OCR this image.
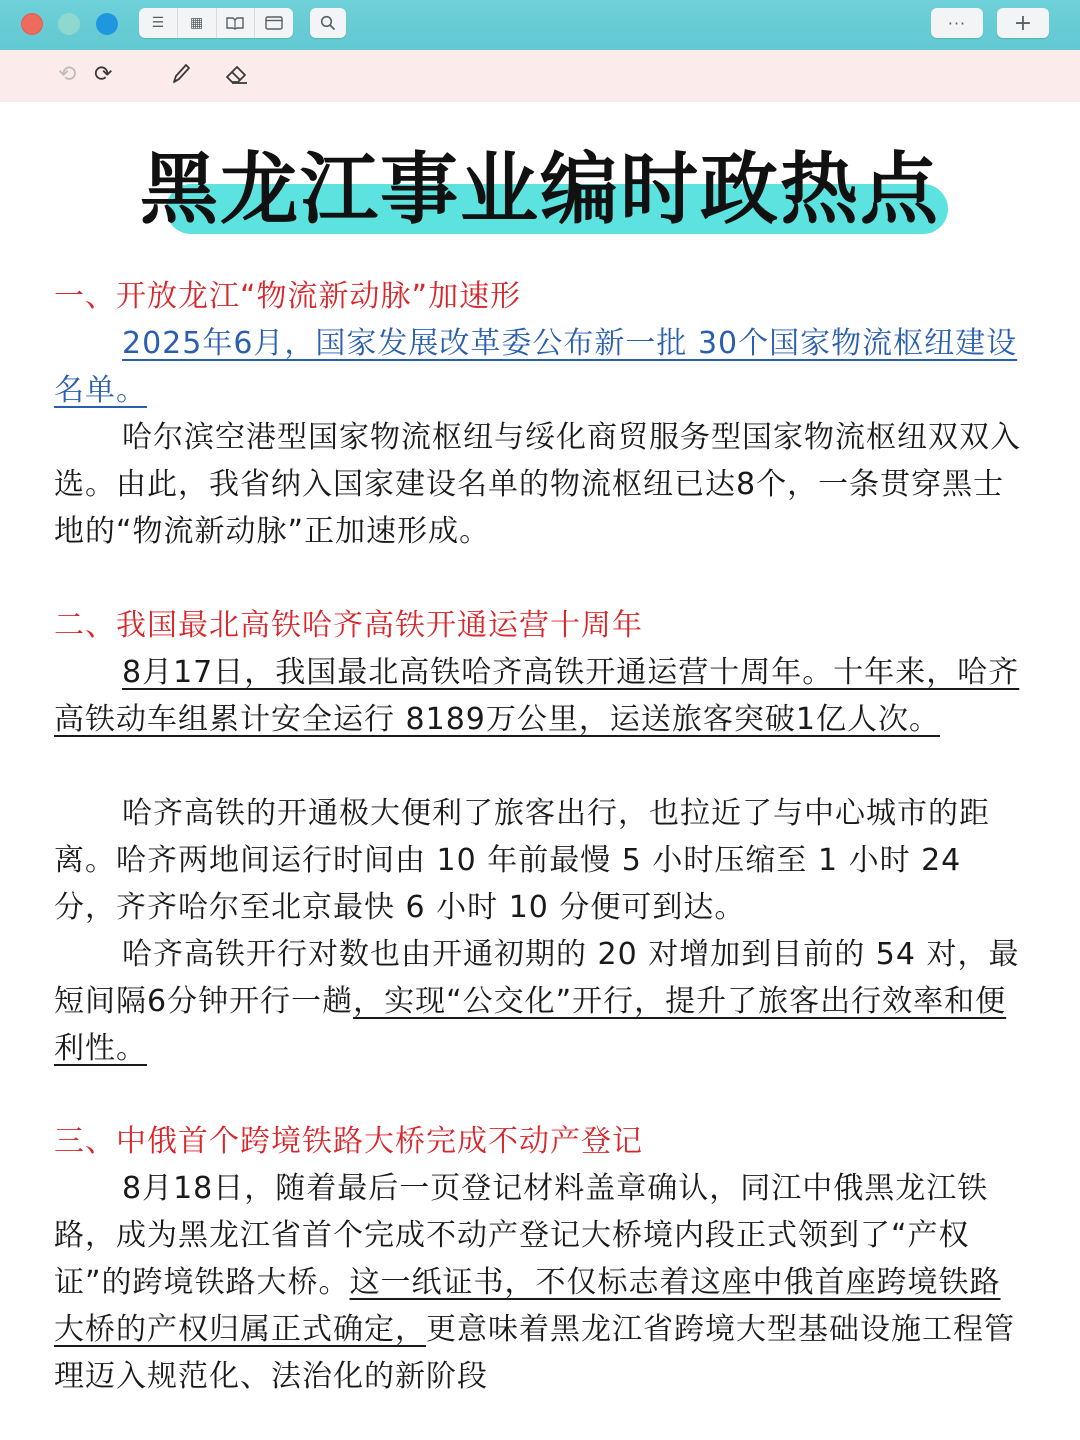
☰	▦	···	+
⟲ ⟳
黑龙江事业编时政热点

一、开放龙江“物流新动脉”加速形

2025年6月，国家发展改革委公布新一批 30个国家物流枢纽建设名单。

哈尔滨空港型国家物流枢纽与绥化商贸服务型国家物流枢纽双双入选。由此，我省纳入国家建设名单的物流枢纽已达8个，一条贯穿黑士地的“物流新动脉”正加速形成。

二、我国最北高铁哈齐高铁开通运营十周年

8月17日，我国最北高铁哈齐高铁开通运营十周年。十年来，哈齐高铁动车组累计安全运行 8189万公里，运送旅客突破1亿人次。

哈齐高铁的开通极大便利了旅客出行，也拉近了与中心城市的距离。哈齐两地间运行时间由 10 年前最慢 5 小时压缩至 1 小时 24 分，齐齐哈尔至北京最快 6 小时 10 分便可到达。

哈齐高铁开行对数也由开通初期的 20 对增加到目前的 54 对，最短间隔6分钟开行一趟，实现“公交化”开行，提升了旅客出行效率和便利性。

三、中俄首个跨境铁路大桥完成不动产登记

8月18日，随着最后一页登记材料盖章确认，同江中俄黑龙江铁路，成为黑龙江省首个完成不动产登记大桥境内段正式领到了“产权证”的跨境铁路大桥。这一纸证书，不仅标志着这座中俄首座跨境铁路大桥的产权归属正式确定，更意味着黑龙江省跨境大型基础设施工程管理迈入规范化、法治化的新阶段
